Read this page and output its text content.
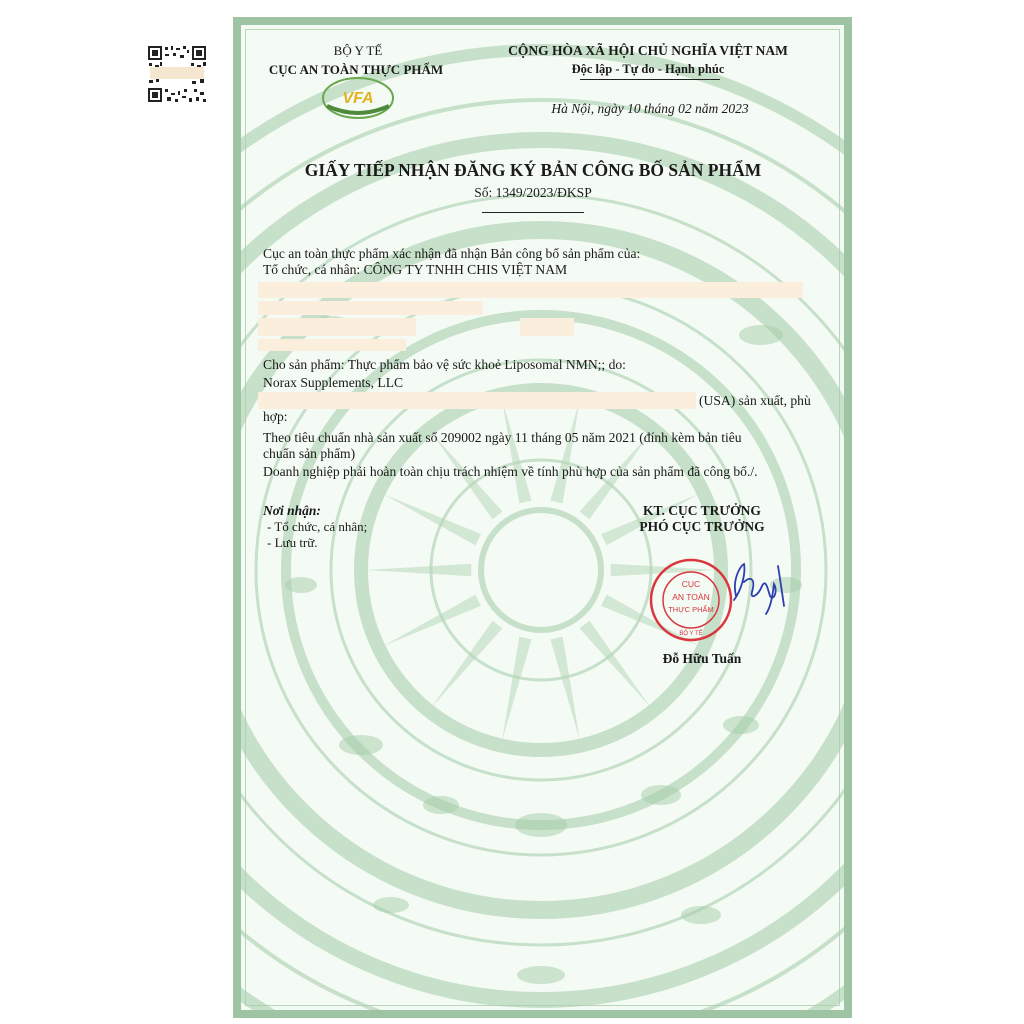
VFA
BỘ Y TẾ
CỤC AN TOÀN THỰC PHẨM
CỘNG HÒA XÃ HỘI CHỦ NGHĨA VIỆT NAM
Độc lập - Tự do - Hạnh phúc
Hà Nội, ngày 10 tháng 02 năm 2023
GIẤY TIẾP NHẬN ĐĂNG KÝ BẢN CÔNG BỐ SẢN PHẨM
Số: 1349/2023/ĐKSP
Cục an toàn thực phẩm xác nhận đã nhận Bản công bố sản phẩm của:
Tổ chức, cá nhân: CÔNG TY TNHH CHIS VIỆT NAM
Cho sản phẩm: Thực phẩm bảo vệ sức khoẻ Liposomal NMN;; do:
Norax Supplements, LLC
(USA) sản xuất, phù
hợp:
Theo tiêu chuẩn nhà sản xuất số 209002 ngày 11 tháng 05 năm 2021 (đính kèm bản tiêu
chuẩn sản phẩm)
Doanh nghiệp phải hoàn toàn chịu trách nhiệm về tính phù hợp của sản phẩm đã công bố./.
Nơi nhận:
- Tổ chức, cá nhân;
- Lưu trữ.
KT. CỤC TRƯỞNG
PHÓ CỤC TRƯỞNG
CỤC
AN TOÀN
THỰC PHẨM
BỘ Y TẾ
Đỗ Hữu Tuấn
